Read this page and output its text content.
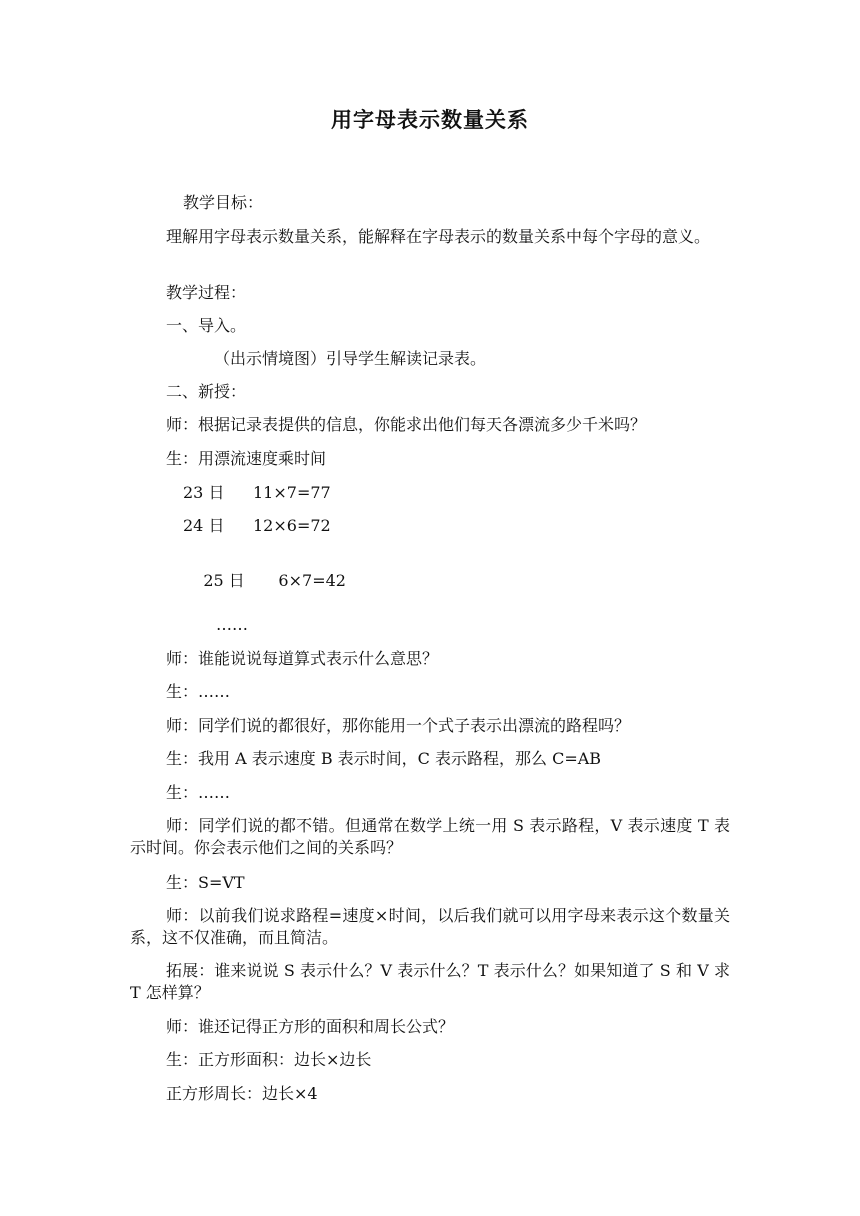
用字母表示数量关系
教学目标：
理解用字母表示数量关系，能解释在字母表示的数量关系中每个字母的意义。
教学过程：
一、导入。
（出示情境图）引导学生解读记录表。
二、新授：
师：根据记录表提供的信息，你能求出他们每天各漂流多少千米吗？
生：用漂流速度乘时间
23 日 11×7=77
24 日 12×6=72

25 日 6×7=42

……
师：谁能说说每道算式表示什么意思？
生：……
师：同学们说的都很好，那你能用一个式子表示出漂流的路程吗？
生：我用 A 表示速度 B 表示时间，C 表示路程，那么 C=AB
生：……
师：同学们说的都不错。但通常在数学上统一用 S 表示路程，V 表示速度 T 表示时间。你会表示他们之间的关系吗？
生：S=VT
师：以前我们说求路程=速度×时间，以后我们就可以用字母来表示这个数量关系，这不仅准确，而且简洁。
拓展：谁来说说 S 表示什么？V 表示什么？T 表示什么？如果知道了 S 和 V 求 T 怎样算？
师：谁还记得正方形的面积和周长公式？
生：正方形面积：边长×边长
正方形周长：边长×4
